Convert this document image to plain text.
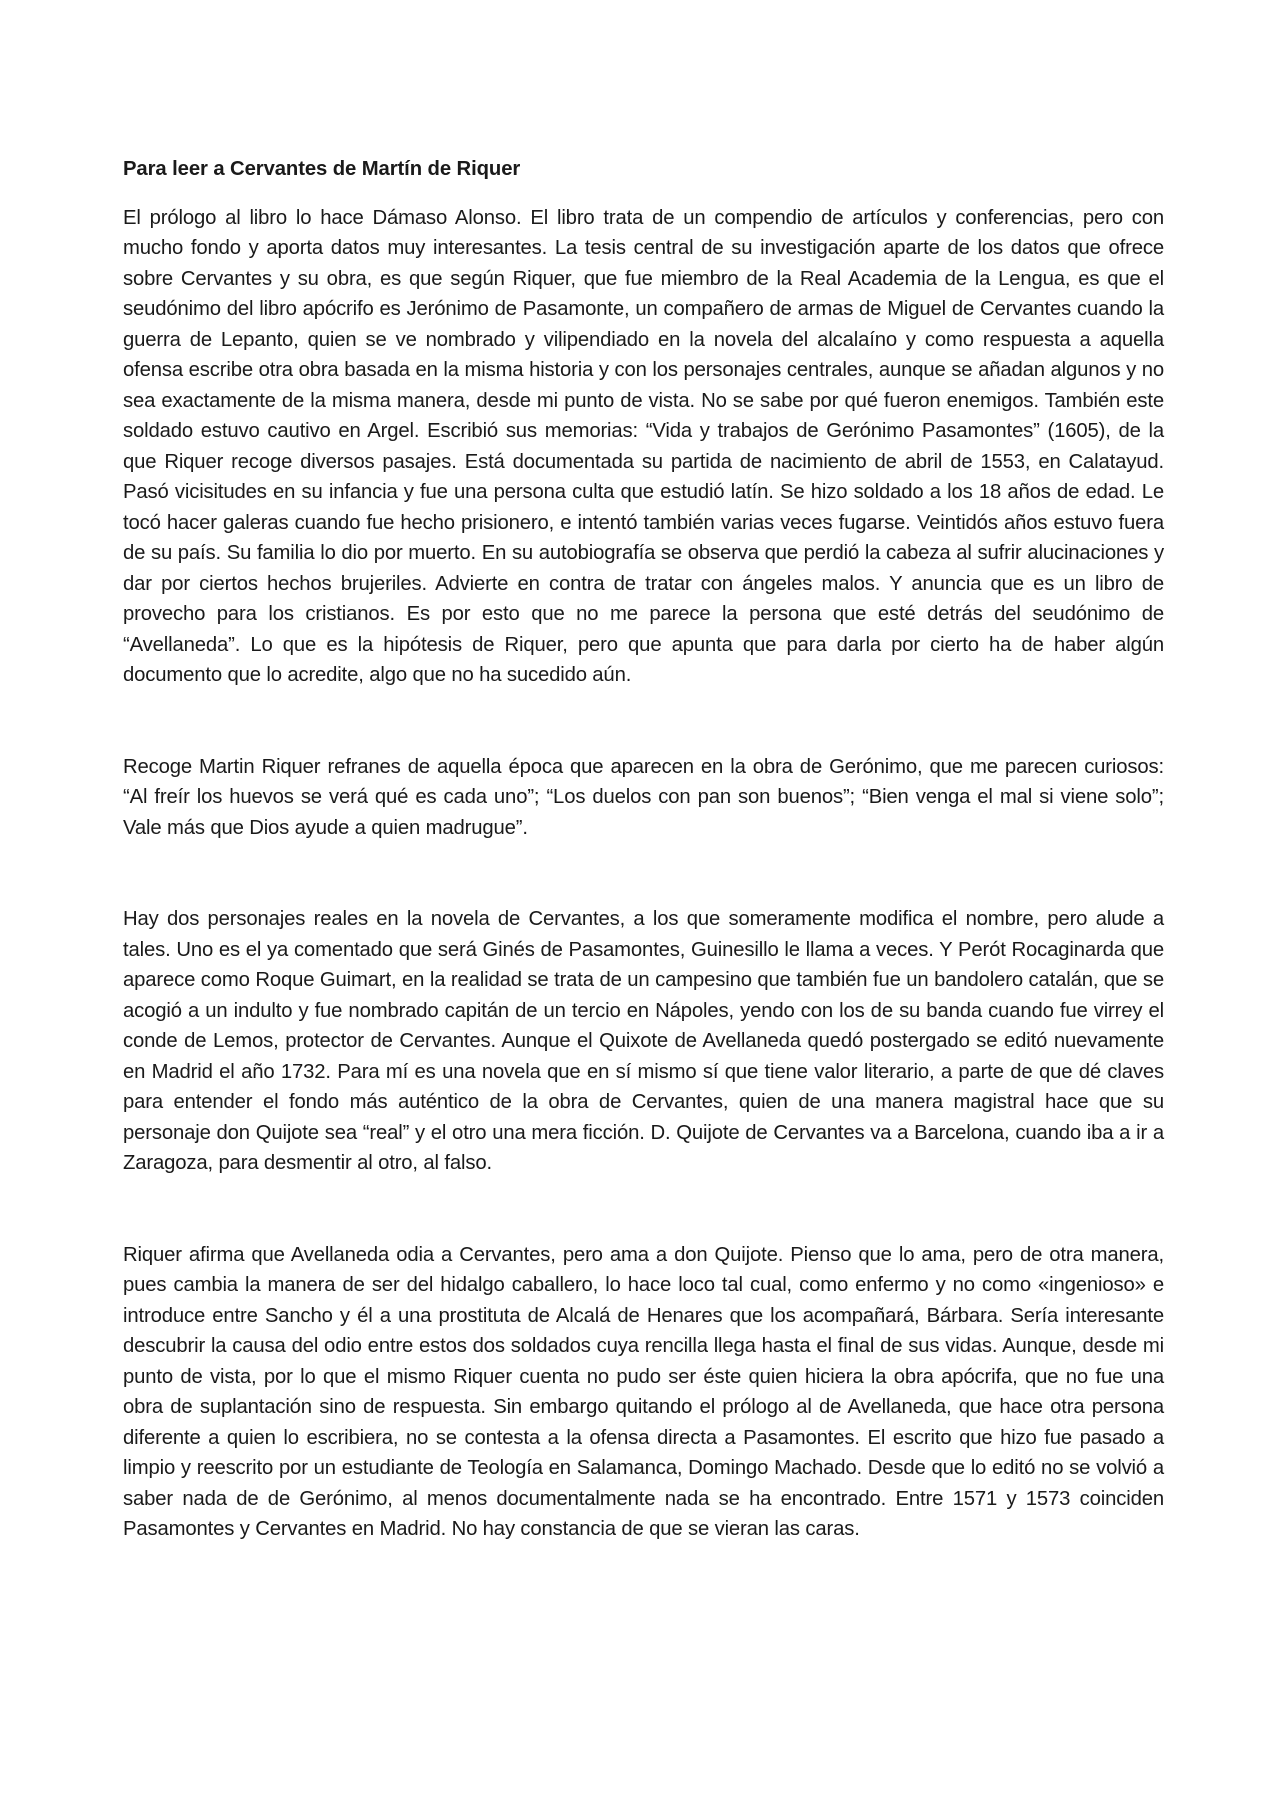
Para leer a Cervantes de Martín de Riquer

El prólogo al libro lo hace Dámaso Alonso. El libro trata de un compendio de artículos y conferencias, pero con mucho fondo y aporta datos muy interesantes. La tesis central de su investigación aparte de los datos que ofrece sobre Cervantes y su obra, es que según Riquer, que fue miembro de la Real Academia de la Lengua, es que el seudónimo del libro apócrifo es Jerónimo de Pasamonte, un compañero de armas de Miguel de Cervantes cuando la guerra de Lepanto, quien se ve nombrado y vilipendiado en la novela del alcalaíno y como respuesta a aquella ofensa escribe otra obra basada en la misma historia y con los personajes centrales, aunque se añadan algunos y no sea exactamente de la misma manera, desde mi punto de vista. No se sabe por qué fueron enemigos. También este soldado estuvo cautivo en Argel. Escribió sus memorias: “Vida y trabajos de Gerónimo Pasamontes” (1605), de la que Riquer recoge diversos pasajes. Está documentada su partida de nacimiento de abril de 1553, en Calatayud. Pasó vicisitudes en su infancia y fue una persona culta que estudió latín. Se hizo soldado a los 18 años de edad. Le tocó hacer galeras cuando fue hecho prisionero, e intentó también varias veces fugarse. Veintidós años estuvo fuera de su país. Su familia lo dio por muerto. En su autobiografía se observa que perdió la cabeza al sufrir alucinaciones y dar por ciertos hechos brujeriles. Advierte en contra de tratar con ángeles malos. Y anuncia que es un libro de provecho para los cristianos. Es por esto que no me parece la persona que esté detrás del seudónimo de “Avellaneda”. Lo que es la hipótesis de Riquer, pero que apunta que para darla por cierto ha de haber algún documento que lo acredite, algo que no ha sucedido aún.

Recoge Martin Riquer refranes de aquella época que aparecen en la obra de Gerónimo, que me parecen curiosos: “Al freír los huevos se verá qué es cada uno”; “Los duelos con pan son buenos”; “Bien venga el mal si viene solo”; Vale más que Dios ayude a quien madrugue”.

Hay dos personajes reales en la novela de Cervantes, a los que someramente modifica el nombre, pero alude a tales. Uno es el ya comentado que será Ginés de Pasamontes, Guinesillo le llama a veces. Y Perót Rocaginarda que aparece como Roque Guimart, en la realidad se trata de un campesino que también fue un bandolero catalán, que se acogió a un indulto y fue nombrado capitán de un tercio en Nápoles, yendo con los de su banda cuando fue virrey el conde de Lemos, protector de Cervantes. Aunque el Quixote de Avellaneda quedó postergado se editó nuevamente en Madrid el año 1732. Para mí es una novela que en sí mismo sí que tiene valor literario, a parte de que dé claves para entender el fondo más auténtico de la obra de Cervantes, quien de una manera magistral hace que su personaje don Quijote sea “real” y el otro una mera ficción. D. Quijote de Cervantes va a Barcelona, cuando iba a ir a Zaragoza, para desmentir al otro, al falso.

Riquer afirma que Avellaneda odia a Cervantes, pero ama a don Quijote. Pienso que lo ama, pero de otra manera, pues cambia la manera de ser del hidalgo caballero, lo hace loco tal cual, como enfermo y no como «ingenioso» e introduce entre Sancho y él a una prostituta de Alcalá de Henares que los acompañará, Bárbara. Sería interesante descubrir la causa del odio entre estos dos soldados cuya rencilla llega hasta el final de sus vidas. Aunque, desde mi punto de vista, por lo que el mismo Riquer cuenta no pudo ser éste quien hiciera la obra apócrifa, que no fue una obra de suplantación sino de respuesta. Sin embargo quitando el prólogo al de Avellaneda, que hace otra persona diferente a quien lo escribiera, no se contesta a la ofensa directa a Pasamontes. El escrito que hizo fue pasado a limpio y reescrito por un estudiante de Teología en Salamanca, Domingo Machado. Desde que lo editó no se volvió a saber nada de de Gerónimo, al menos documentalmente nada se ha encontrado. Entre 1571 y 1573 coinciden Pasamontes y Cervantes en Madrid. No hay constancia de que se vieran las caras.
